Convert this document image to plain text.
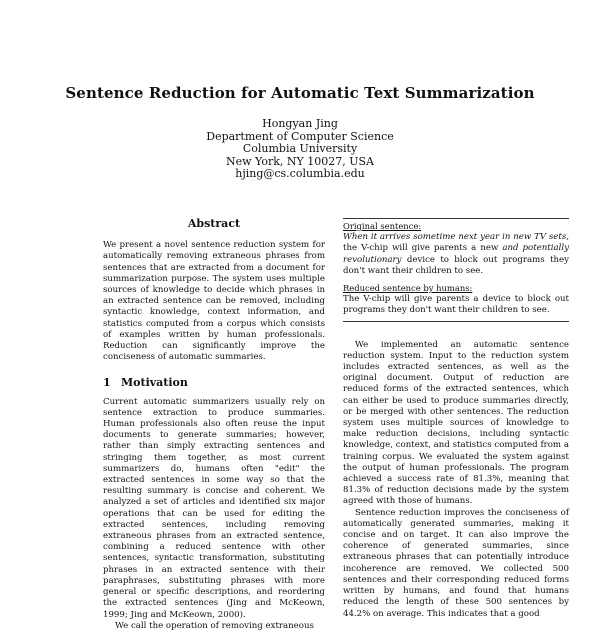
Sentence Reduction for Automatic Text Summarization
Hongyan Jing
Department of Computer Science
Columbia University
New York, NY 10027, USA
hjing@cs.columbia.edu
Abstract

We present a novel sentence reduction system for automatically removing extraneous phrases from sentences that are extracted from a document for summarization purpose. The system uses multiple sources of knowledge to decide which phrases in an extracted sentence can be removed, including syntactic knowledge, context information, and statistics computed from a corpus which consists of examples written by human professionals. Reduction can significantly improve the conciseness of automatic summaries.

1 Motivation

Current automatic summarizers usually rely on sentence extraction to produce summaries. Human professionals also often reuse the input documents to generate summaries; however, rather than simply extracting sentences and stringing them together, as most current summarizers do, humans often "edit" the extracted sentences in some way so that the resulting summary is concise and coherent. We analyzed a set of articles and identified six major operations that can be used for editing the extracted sentences, including removing extraneous phrases from an extracted sentence, combining a reduced sentence with other sentences, syntactic transformation, substituting phrases in an extracted sentence with their paraphrases, substituting phrases with more general or specific descriptions, and reordering the extracted sentences (Jing and McKeown, 1999; Jing and McKeown, 2000).

We call the operation of removing extraneous

Original sentence:
When it arrives sometime next year in new TV sets, the V-chip will give parents a new and potentially revolutionary device to block out programs they don't want their children to see.
Reduced sentence by humans:
The V-chip will give parents a device to block out programs they don't want their children to see.

We implemented an automatic sentence reduction system. Input to the reduction system includes extracted sentences, as well as the original document. Output of reduction are reduced forms of the extracted sentences, which can either be used to produce summaries directly, or be merged with other sentences. The reduction system uses multiple sources of knowledge to make reduction decisions, including syntactic knowledge, context, and statistics computed from a training corpus. We evaluated the system against the output of human professionals. The program achieved a success rate of 81.3%, meaning that 81.3% of reduction decisions made by the system agreed with those of humans.

Sentence reduction improves the conciseness of automatically generated summaries, making it concise and on target. It can also improve the coherence of generated summaries, since extraneous phrases that can potentially introduce incoherence are removed. We collected 500 sentences and their corresponding reduced forms written by humans, and found that humans reduced the length of these 500 sentences by 44.2% on average. This indicates that a good
